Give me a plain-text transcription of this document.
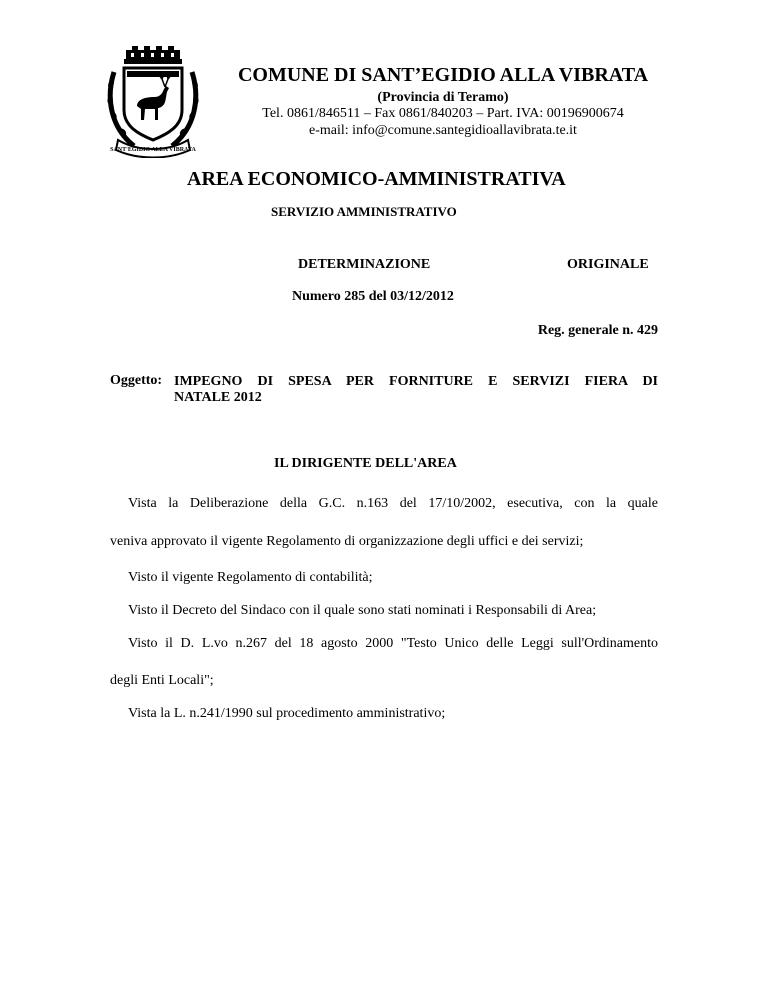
SANT'EGIDIO ALLA VIBRATA
COMUNE DI SANT’EGIDIO ALLA VIBRATA
(Provincia di Teramo)
Tel. 0861/846511 – Fax 0861/840203 – Part. IVA: 00196900674
e-mail: info@comune.santegidioallavibrata.te.it
AREA ECONOMICO-AMMINISTRATIVA
SERVIZIO AMMINISTRATIVO
DETERMINAZIONE	ORIGINALE
Numero 285 del 03/12/2012
Reg. generale n. 429
Oggetto: IMPEGNO DI SPESA PER FORNITURE E SERVIZI FIERA DI
NATALE 2012
IL DIRIGENTE DELL'AREA
Vista la Deliberazione della G.C. n.163 del 17/10/2002, esecutiva, con la quale
veniva approvato il vigente Regolamento di organizzazione degli uffici e dei servizi;
Visto il vigente Regolamento di contabilità;
Visto il Decreto del Sindaco con il quale sono stati nominati i Responsabili di Area;
Visto il D. L.vo n.267 del 18 agosto 2000 "Testo Unico delle Leggi sull'Ordinamento
degli Enti Locali";
Vista la L. n.241/1990 sul procedimento amministrativo;
